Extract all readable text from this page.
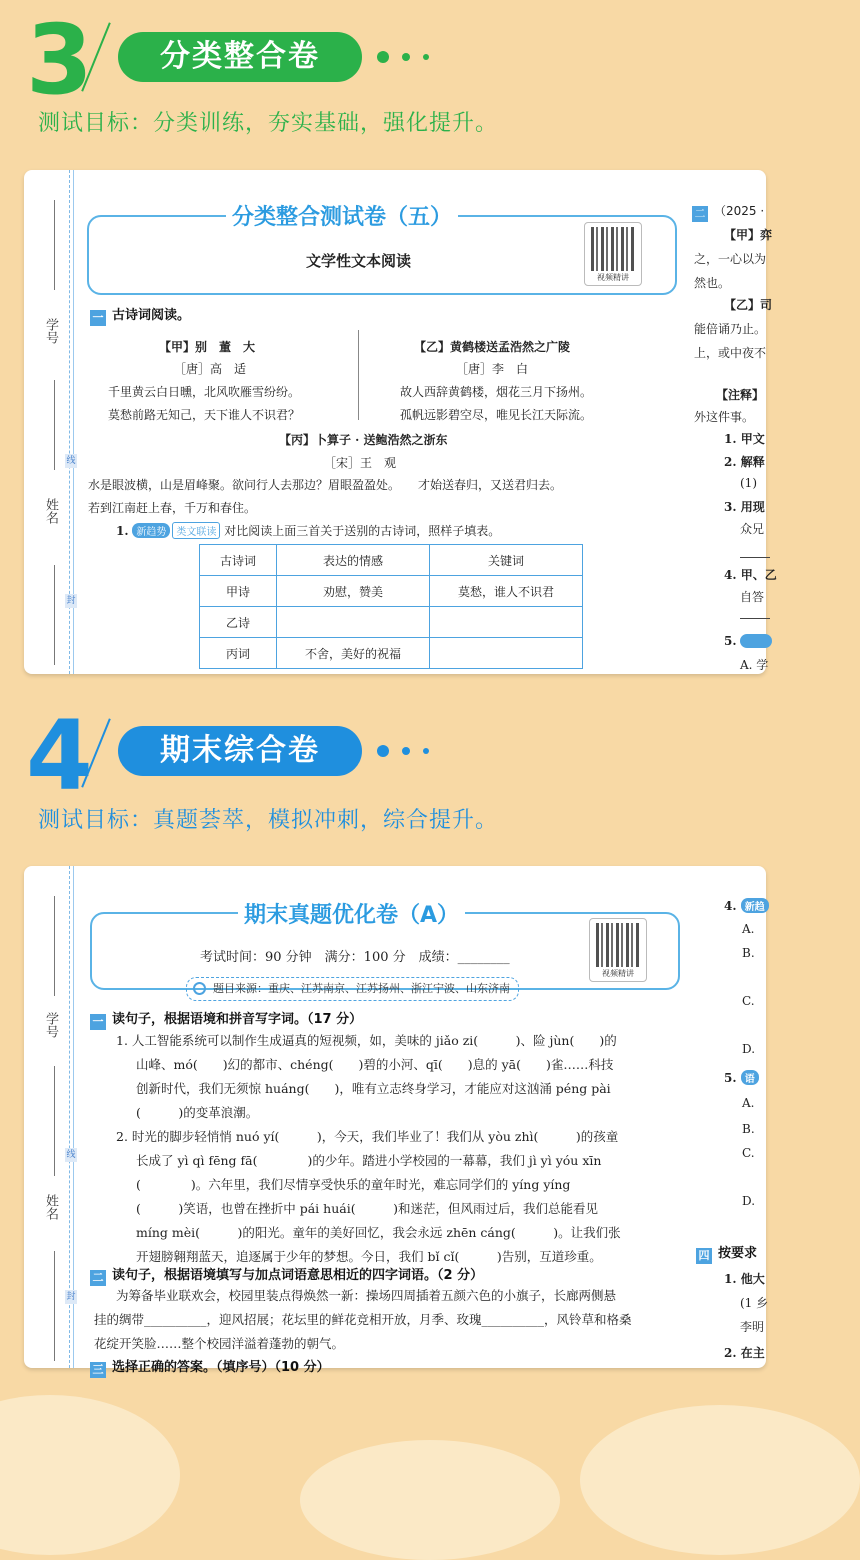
3	分类整合卷
测试目标：分类训练，夯实基础，强化提升。
学号
姓名
线
封
分类整合测试卷（五）
文学性文本阅读
视频精讲
一 古诗词阅读。
【甲】别　董　大
［唐］高　适
千里黄云白日曛，北风吹雁雪纷纷。
莫愁前路无知己，天下谁人不识君？
【乙】黄鹤楼送孟浩然之广陵
［唐］李　白
故人西辞黄鹤楼，烟花三月下扬州。
孤帆远影碧空尽，唯见长江天际流。
【丙】卜算子 · 送鲍浩然之浙东
［宋］王　观
水是眼波横，山是眉峰聚。欲问行人去那边？眉眼盈盈处。　　才始送春归，又送君归去。
若到江南赶上春，千万和春住。
1. 新趋势 类文联读 对比阅读上面三首关于送别的古诗词，照样子填表。
古诗词	表达的情感	关键词
甲诗	劝慰，赞美	莫愁，谁人不识君
乙诗		
丙词	不舍，美好的祝福	
二 （2025 ·
【甲】弈
之，一心以为
然也。
【乙】司
能倍诵乃止。
上，或中夜不
【注释】
外这件事。
1. 甲文
2. 解释
(1)
3. 用现
众兄
4. 甲、乙
自答
5.
A. 学
4	期末综合卷
测试目标：真题荟萃，模拟冲刺，综合提升。
学号
姓名
线
封
期末真题优化卷（A）
考试时间：90 分钟　满分：100 分　成绩：________
视频精讲
题目来源：重庆、江苏南京、江苏扬州、浙江宁波、山东济南
一 读句子，根据语境和拼音写字词。（17 分）
1. 人工智能系统可以制作生成逼真的短视频，如，美味的 jiǎo zi(　　　)、险 jùn(　　)的
山峰、mó(　　)幻的都市、chéng(　　)碧的小河、qī(　　)息的 yā(　　)雀……科技
创新时代，我们无须惊 huáng(　　)，唯有立志终身学习，才能应对这汹涌 péng pài
(　　　)的变革浪潮。
2. 时光的脚步轻悄悄 nuó yí(　　　)，今天，我们毕业了！我们从 yòu zhì(　　　)的孩童
长成了 yì qì fēng fā(　　　　)的少年。踏进小学校园的一幕幕，我们 jì yì yóu xīn
(　　　　)。六年里，我们尽情享受快乐的童年时光，难忘同学们的 yíng yíng
(　　　)笑语，也曾在挫折中 pái huái(　　　)和迷茫，但风雨过后，我们总能看见
míng mèi(　　　)的阳光。童年的美好回忆，我会永远 zhēn cáng(　　　)。让我们张
开翅膀翱翔蓝天，追逐属于少年的梦想。今日，我们 bǐ cǐ(　　　)告别，互道珍重。
二 读句子，根据语境填写与加点词语意思相近的四字词语。（2 分）
为筹备毕业联欢会，校园里装点得焕然一新：操场四周插着五颜六色的小旗子，长廊两侧悬
挂的绸带__________，迎风招展；花坛里的鲜花竞相开放，月季、玫瑰__________，风铃草和格桑
花绽开笑脸……整个校园洋溢着蓬勃的朝气。
三 选择正确的答案。（填序号）（10 分）
4. 新趋
A.
B.
C.
D.
5. 语
A.
B.
C.
D.
四 按要求
1. 他大
(1 乡
李明
2. 在主
